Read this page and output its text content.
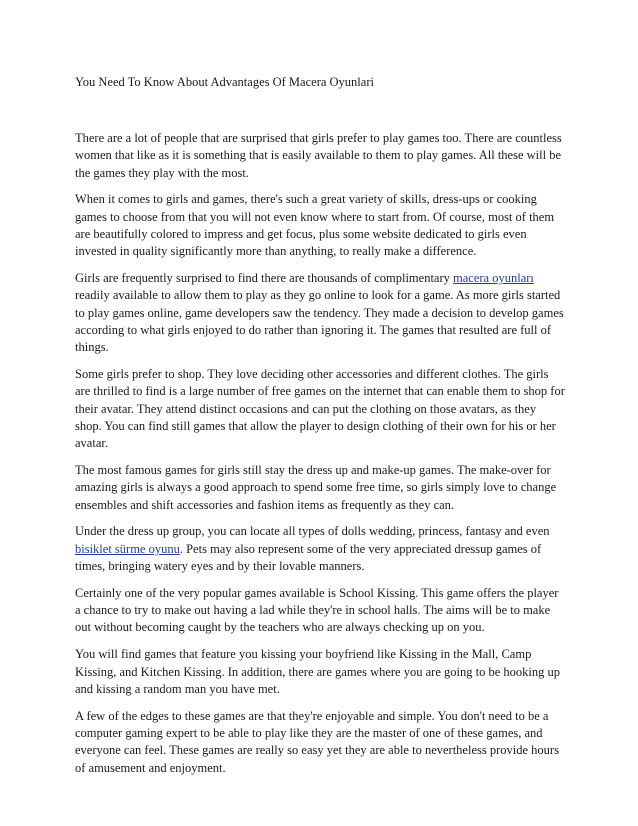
You Need To Know About Advantages Of Macera Oyunlari

There are a lot of people that are surprised that girls prefer to play games too. There are countless women that like as it is something that is easily available to them to play games. All these will be the games they play with the most.

When it comes to girls and games, there's such a great variety of skills, dress-ups or cooking games to choose from that you will not even know where to start from. Of course, most of them are beautifully colored to impress and get focus, plus some website dedicated to girls even invested in quality significantly more than anything, to really make a difference.

Girls are frequently surprised to find there are thousands of complimentary macera oyunları readily available to allow them to play as they go online to look for a game. As more girls started to play games online, game developers saw the tendency. They made a decision to develop games according to what girls enjoyed to do rather than ignoring it. The games that resulted are full of things.

Some girls prefer to shop. They love deciding other accessories and different clothes. The girls are thrilled to find is a large number of free games on the internet that can enable them to shop for their avatar. They attend distinct occasions and can put the clothing on those avatars, as they shop. You can find still games that allow the player to design clothing of their own for his or her avatar.

The most famous games for girls still stay the dress up and make-up games. The make-over for amazing girls is always a good approach to spend some free time, so girls simply love to change ensembles and shift accessories and fashion items as frequently as they can.

Under the dress up group, you can locate all types of dolls wedding, princess, fantasy and even bisiklet sürme oyunu. Pets may also represent some of the very appreciated dressup games of times, bringing watery eyes and by their lovable manners.

Certainly one of the very popular games available is School Kissing. This game offers the player a chance to try to make out having a lad while they're in school halls. The aims will be to make out without becoming caught by the teachers who are always checking up on you.

You will find games that feature you kissing your boyfriend like Kissing in the Mall, Camp Kissing, and Kitchen Kissing. In addition, there are games where you are going to be hooking up and kissing a random man you have met.

A few of the edges to these games are that they're enjoyable and simple. You don't need to be a computer gaming expert to be able to play like they are the master of one of these games, and everyone can feel. These games are really so easy yet they are able to nevertheless provide hours of amusement and enjoyment.
